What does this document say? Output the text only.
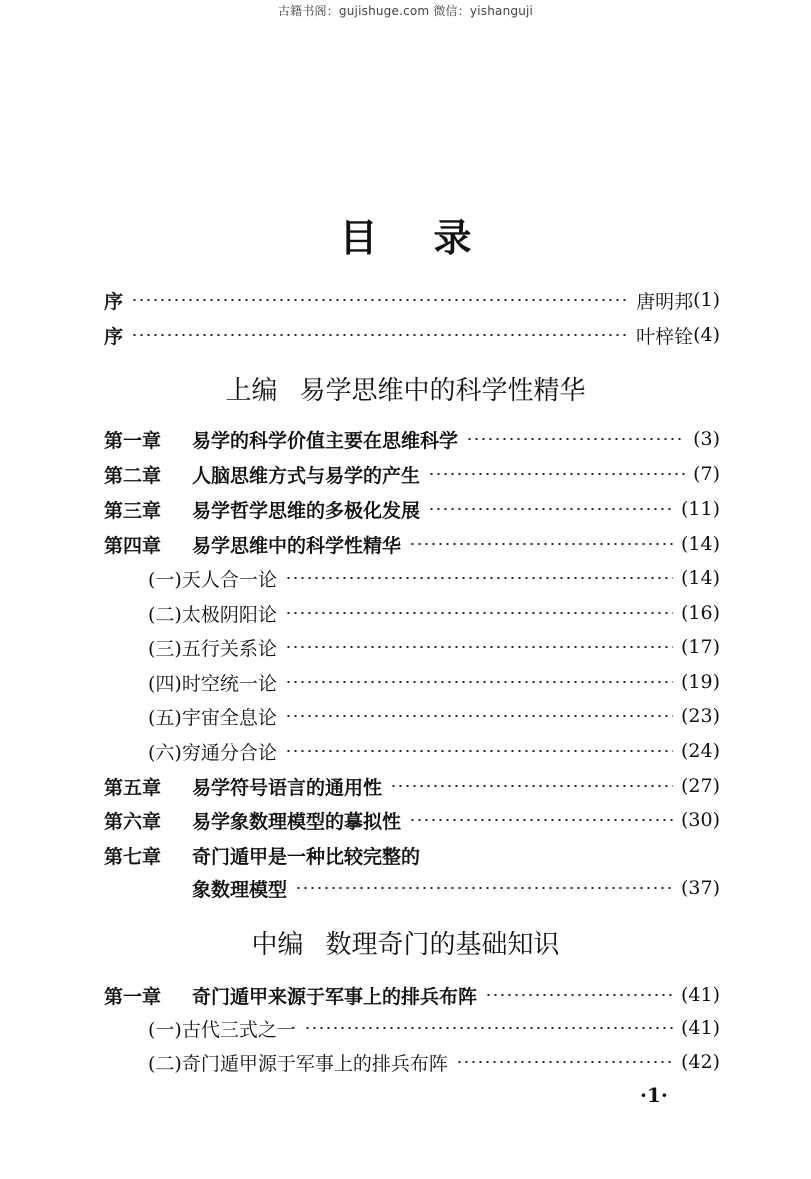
古籍书阁：gujishuge.com 微信：yishanguji
目录
序	唐明邦 (1)
序	叶梓铨 (4)
上编 易学思维中的科学性精华
第一章	易学的科学价值主要在思维科学	(3)
第二章	人脑思维方式与易学的产生	(7)
第三章	易学哲学思维的多极化发展	(11)
第四章	易学思维中的科学性精华	(14)
(一)天人合一论	(14)
(二)太极阴阳论	(16)
(三)五行关系论	(17)
(四)时空统一论	(19)
(五)宇宙全息论	(23)
(六)穷通分合论	(24)
第五章	易学符号语言的通用性	(27)
第六章	易学象数理模型的摹拟性	(30)
第七章	奇门遁甲是一种比较完整的
象数理模型	(37)
中编 数理奇门的基础知识
第一章	奇门遁甲来源于军事上的排兵布阵	(41)
(一)古代三式之一	(41)
(二)奇门遁甲源于军事上的排兵布阵	(42)
·1·
